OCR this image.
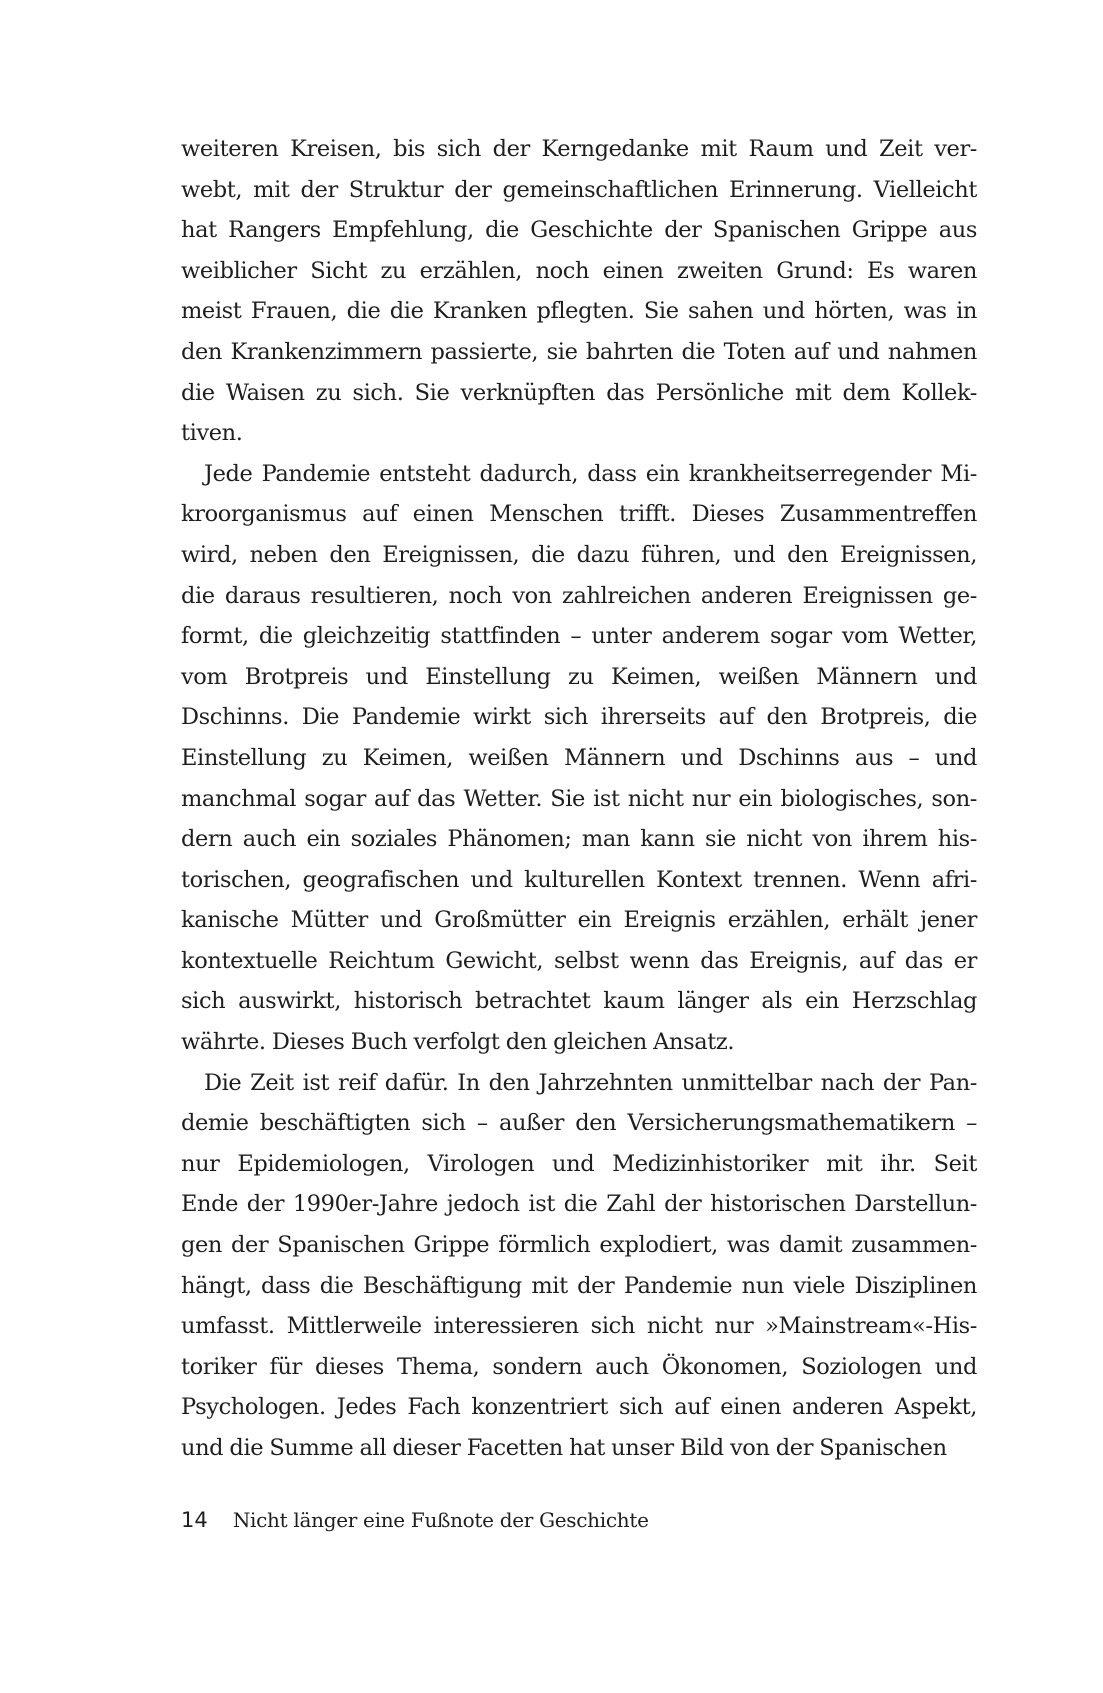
weiteren Kreisen, bis sich der Kerngedanke mit Raum und Zeit ver-
webt, mit der Struktur der gemeinschaftlichen Erinnerung. Vielleicht
hat Rangers Empfehlung, die Geschichte der Spanischen Grippe aus
weiblicher Sicht zu erzählen, noch einen zweiten Grund: Es waren
meist Frauen, die die Kranken pflegten. Sie sahen und hörten, was in
den Krankenzimmern passierte, sie bahrten die Toten auf und nahmen
die Waisen zu sich. Sie verknüpften das Persönliche mit dem Kollek-
tiven.
Jede Pandemie entsteht dadurch, dass ein krankheitserregender Mi-
kroorganismus auf einen Menschen trifft. Dieses Zusammentreffen
wird, neben den Ereignissen, die dazu führen, und den Ereignissen,
die daraus resultieren, noch von zahlreichen anderen Ereignissen ge-
formt, die gleichzeitig stattfinden – unter anderem sogar vom Wetter,
vom Brotpreis und Einstellung zu Keimen, weißen Männern und
Dschinns. Die Pandemie wirkt sich ihrerseits auf den Brotpreis, die
Einstellung zu Keimen, weißen Männern und Dschinns aus – und
manchmal sogar auf das Wetter. Sie ist nicht nur ein biologisches, son-
dern auch ein soziales Phänomen; man kann sie nicht von ihrem his-
torischen, geografischen und kulturellen Kontext trennen. Wenn afri-
kanische Mütter und Großmütter ein Ereignis erzählen, erhält jener
kontextuelle Reichtum Gewicht, selbst wenn das Ereignis, auf das er
sich auswirkt, historisch betrachtet kaum länger als ein Herzschlag
währte. Dieses Buch verfolgt den gleichen Ansatz.
Die Zeit ist reif dafür. In den Jahrzehnten unmittelbar nach der Pan-
demie beschäftigten sich – außer den Versicherungsmathematikern –
nur Epidemiologen, Virologen und Medizinhistoriker mit ihr. Seit
Ende der 1990er-Jahre jedoch ist die Zahl der historischen Darstellun-
gen der Spanischen Grippe förmlich explodiert, was damit zusammen-
hängt, dass die Beschäftigung mit der Pandemie nun viele Disziplinen
umfasst. Mittlerweile interessieren sich nicht nur »Mainstream«-His-
toriker für dieses Thema, sondern auch Ökonomen, Soziologen und
Psychologen. Jedes Fach konzentriert sich auf einen anderen Aspekt,
und die Summe all dieser Facetten hat unser Bild von der Spanischen
14 Nicht länger eine Fußnote der Geschichte
